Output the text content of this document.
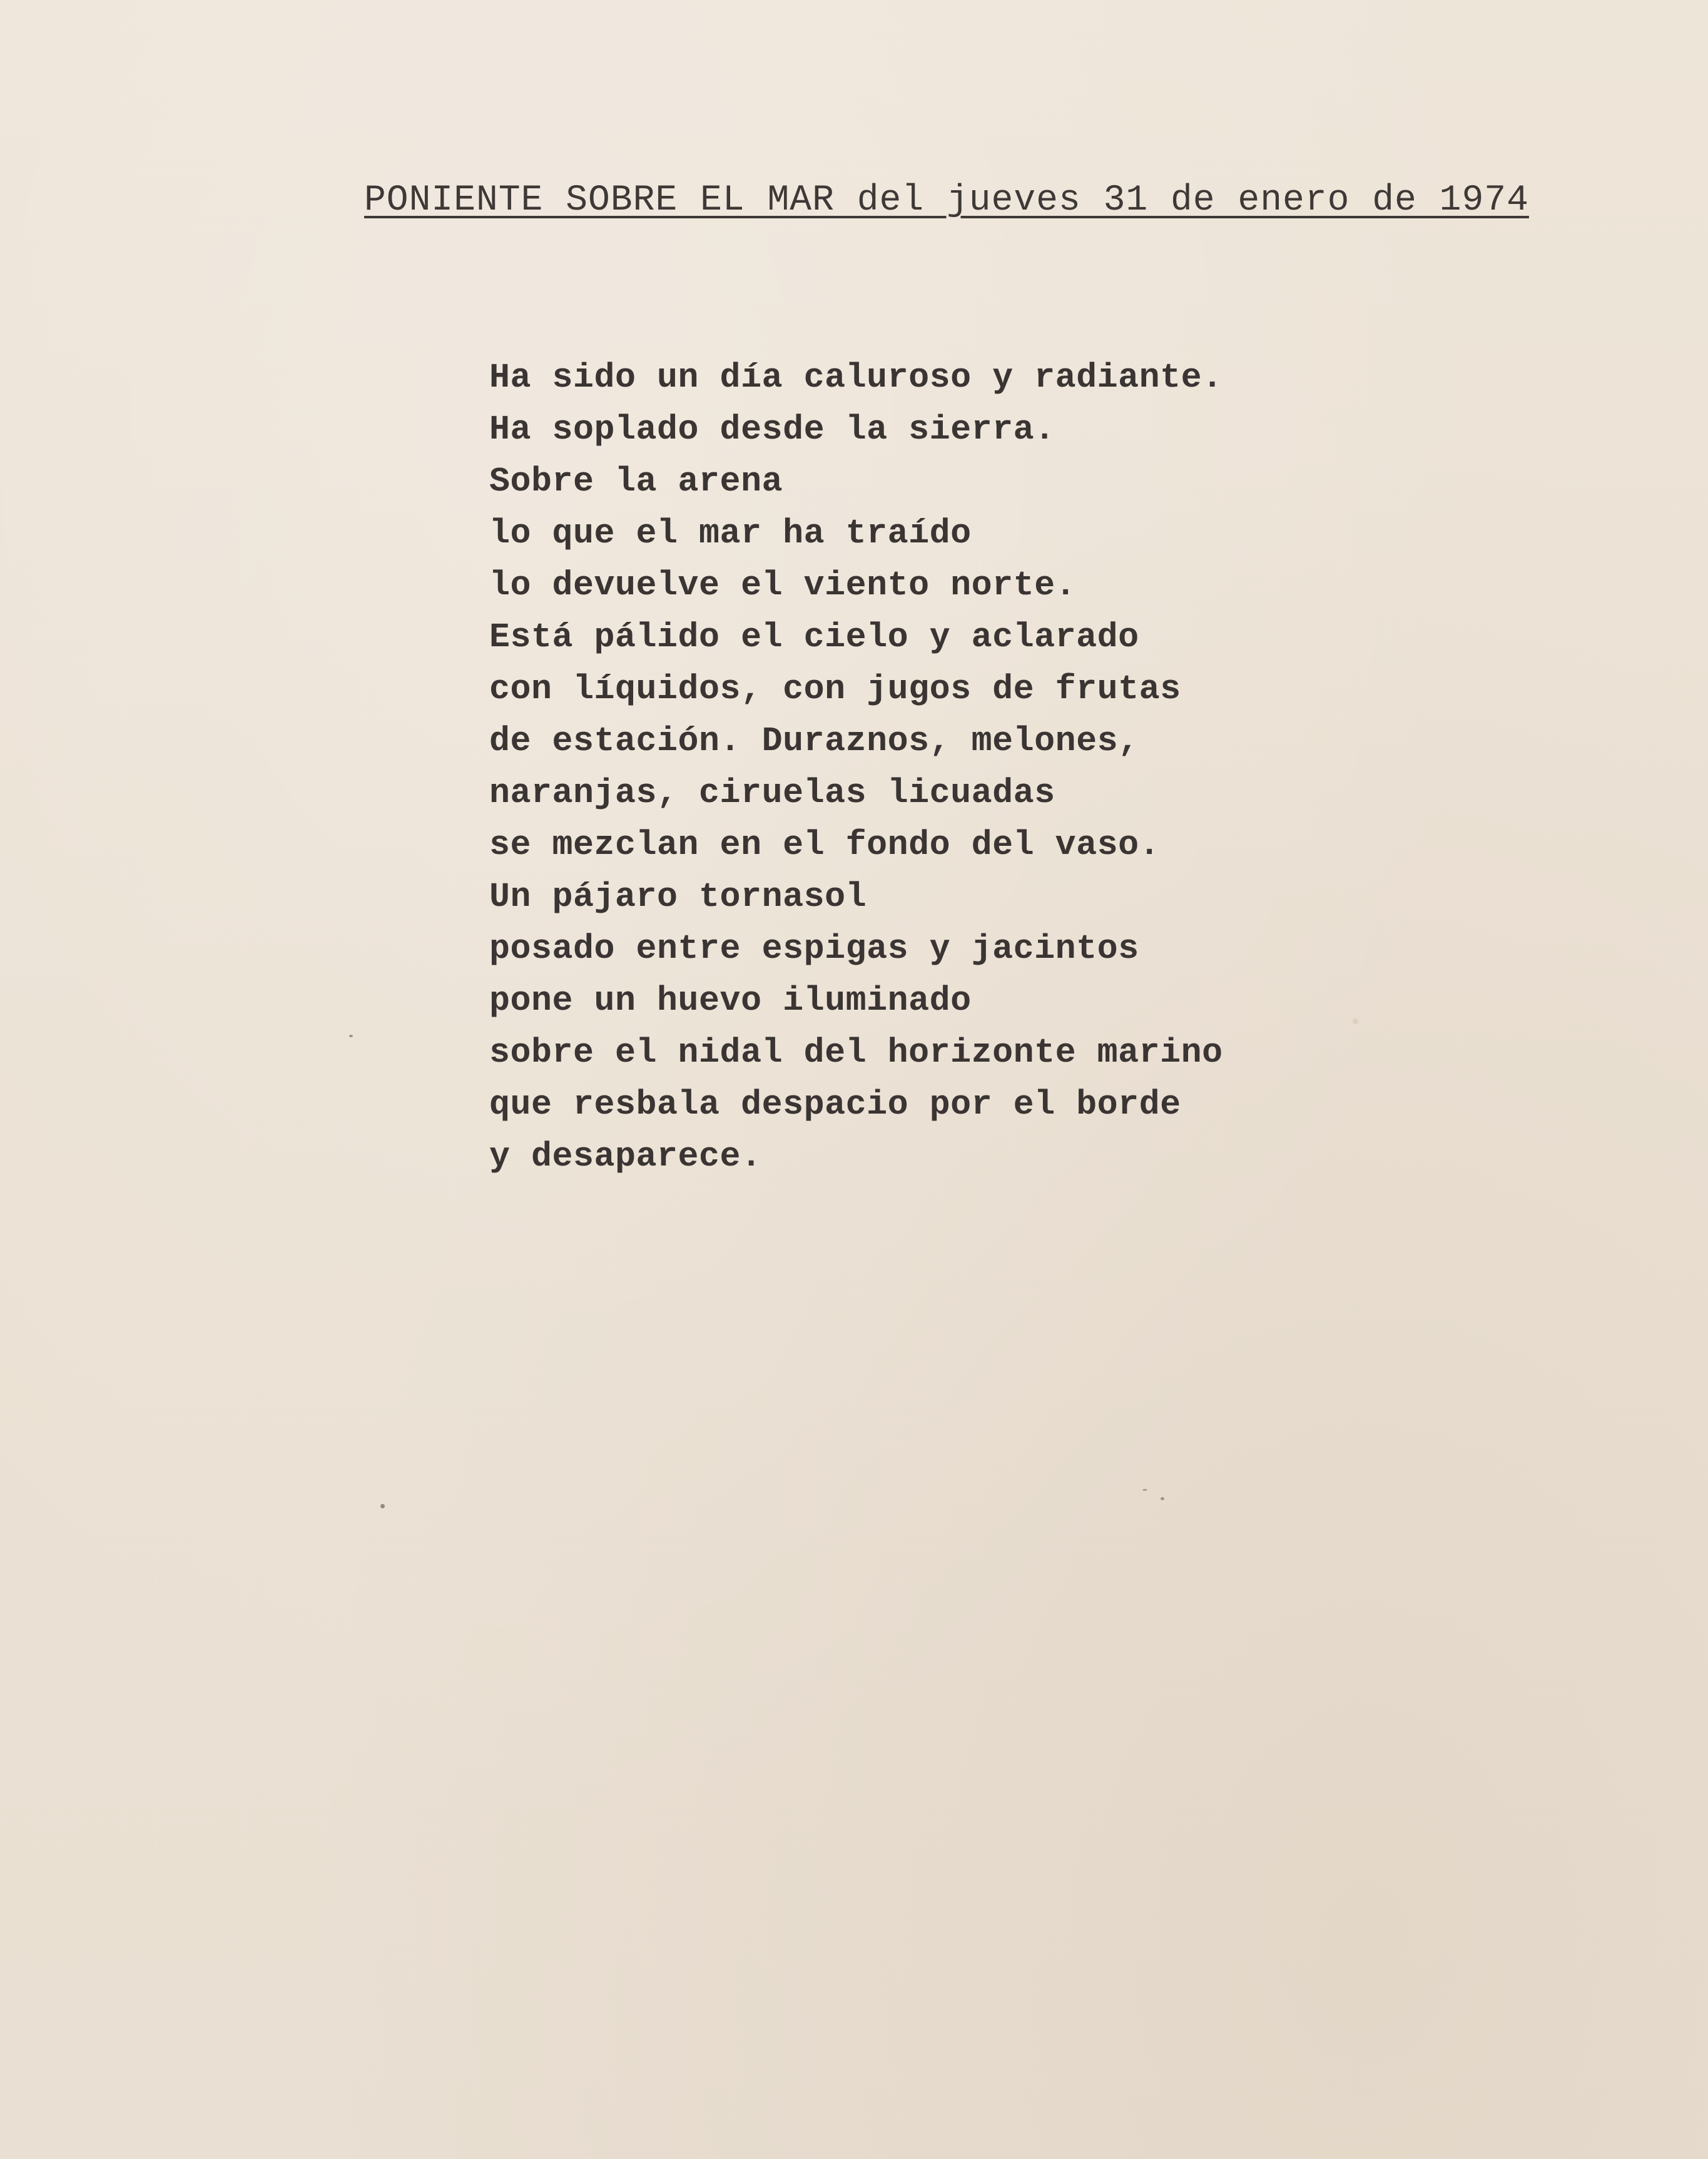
PONIENTE SOBRE EL MAR del jueves 31 de enero de 1974
Ha sido un día caluroso y radiante.
Ha soplado desde la sierra.
Sobre la arena
lo que el mar ha traído
lo devuelve el viento norte.
Está pálido el cielo y aclarado
con líquidos, con jugos de frutas
de estación. Duraznos, melones,
naranjas, ciruelas licuadas
se mezclan en el fondo del vaso.
Un pájaro tornasol
posado entre espigas y jacintos
pone un huevo iluminado
sobre el nidal del horizonte marino
que resbala despacio por el borde
y desaparece.
